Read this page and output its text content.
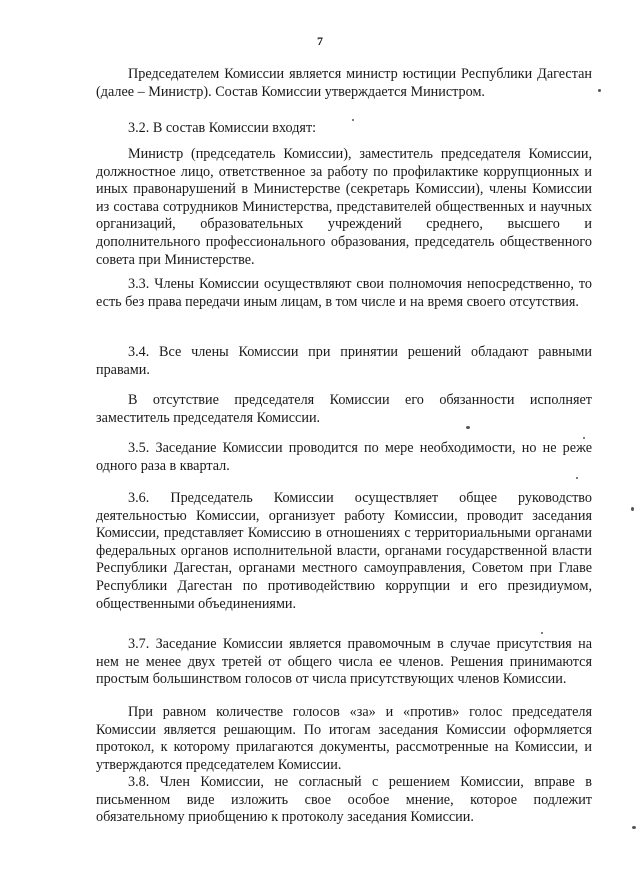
7

Председателем Комиссии является министр юстиции Республики Дагестан (далее – Министр). Состав Комиссии утверждается Министром.

3.2. В состав Комиссии входят:

Министр (председатель Комиссии), заместитель председателя Комиссии, должностное лицо, ответственное за работу по профилактике коррупционных и иных правонарушений в Министерстве (секретарь Комиссии), члены Комиссии из состава сотрудников Министерства, представителей общественных и научных организаций, образовательных учреждений среднего, высшего и дополнительного профессионального образования, председатель общественного совета при Министерстве.

3.3. Члены Комиссии осуществляют свои полномочия непосредственно, то есть без права передачи иным лицам, в том числе и на время своего отсутствия.

3.4. Все члены Комиссии при принятии решений обладают равными правами.

В отсутствие председателя Комиссии его обязанности исполняет заместитель председателя Комиссии.

3.5. Заседание Комиссии проводится по мере необходимости, но не реже одного раза в квартал.

3.6. Председатель Комиссии осуществляет общее руководство деятельностью Комиссии, организует работу Комиссии, проводит заседания Комиссии, представляет Комиссию в отношениях с территориальными органами федеральных органов исполнительной власти, органами государственной власти Республики Дагестан, органами местного самоуправления, Советом при Главе Республики Дагестан по противодействию коррупции и его президиумом, общественными объединениями.

3.7. Заседание Комиссии является правомочным в случае присутствия на нем не менее двух третей от общего числа ее членов. Решения принимаются простым большинством голосов от числа присутствующих членов Комиссии.

При равном количестве голосов «за» и «против» голос председателя Комиссии является решающим. По итогам заседания Комиссии оформляется протокол, к которому прилагаются документы, рассмотренные на Комиссии, и утверждаются председателем Комиссии.

3.8. Член Комиссии, не согласный с решением Комиссии, вправе в письменном виде изложить свое особое мнение, которое подлежит обязательному приобщению к протоколу заседания Комиссии.
